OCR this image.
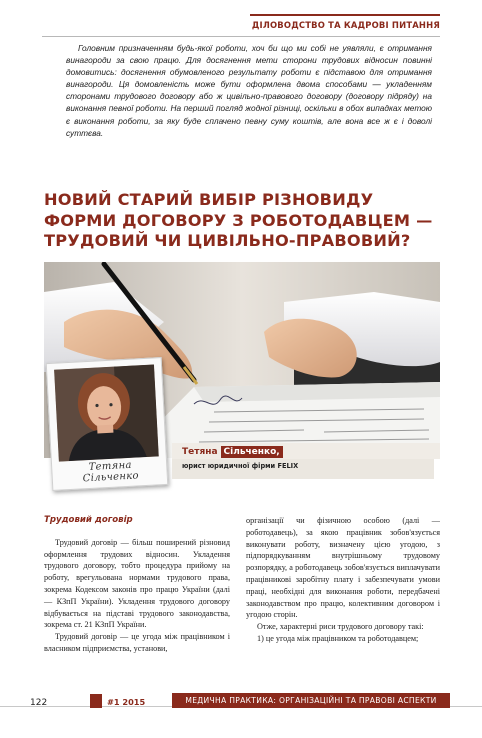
ДІЛОВОДСТВО ТА КАДРОВІ ПИТАННЯ

Головним призначенням будь-якої роботи, хоч би що ми собі не уявляли, є отримання винагороди за свою працю. Для досягнення мети сторони трудових відносин повинні домовитись: досягнення обумовленого результату роботи є підставою для отримання винагороди. Ця домовленість може бути оформлена двома способами — укладенням сторонами трудового договору або ж цивільно-правового договору (договору підряду) на виконання певної роботи. На перший погляд жодної різниці, оскільки в обох випадках метою є виконання роботи, за яку буде сплачено певну суму коштів, але вона все ж є і доволі суттєва.

НОВИЙ СТАРИЙ ВИБІР РІЗНОВИДУ ФОРМИ ДОГОВОРУ З РОБОТОДАВЦЕМ — ТРУДОВИЙ ЧИ ЦИВІЛЬНО-ПРАВОВИЙ?
Тетяна Сільченко
Тетяна Сільченко,
юрист юридичної фірми FELIX
Трудовий договір

Трудовий договір — більш поширений різновид оформлення трудових відносин. Укладення трудового договору, тобто процедура прийому на роботу, врегульована нормами трудового права, зокрема Кодексом законів про працю України (далі — КЗпП України). Укладення трудового договору відбувається на підставі трудового законодавства, зокрема ст. 21 КЗпП України.

Трудовий договір — це угода між працівником і власником підприємства, установи,

організації чи фізичною особою (далі — роботодавець), за якою працівник зобов'язується виконувати роботу, визначену цією угодою, з підпорядкуванням внутрішньому трудовому розпорядку, а роботодавець зобов'язується виплачувати працівникові заробітну плату і забезпечувати умови праці, необхідні для виконання роботи, передбачені законодавством про працю, колективним договором і угодою сторін.

Отже, характерні риси трудового договору такі:

1) це угода між працівником та роботодавцем;

122	#1 2015	МЕДИЧНА ПРАКТИКА: ОРГАНІЗАЦІЙНІ ТА ПРАВОВІ АСПЕКТИ
